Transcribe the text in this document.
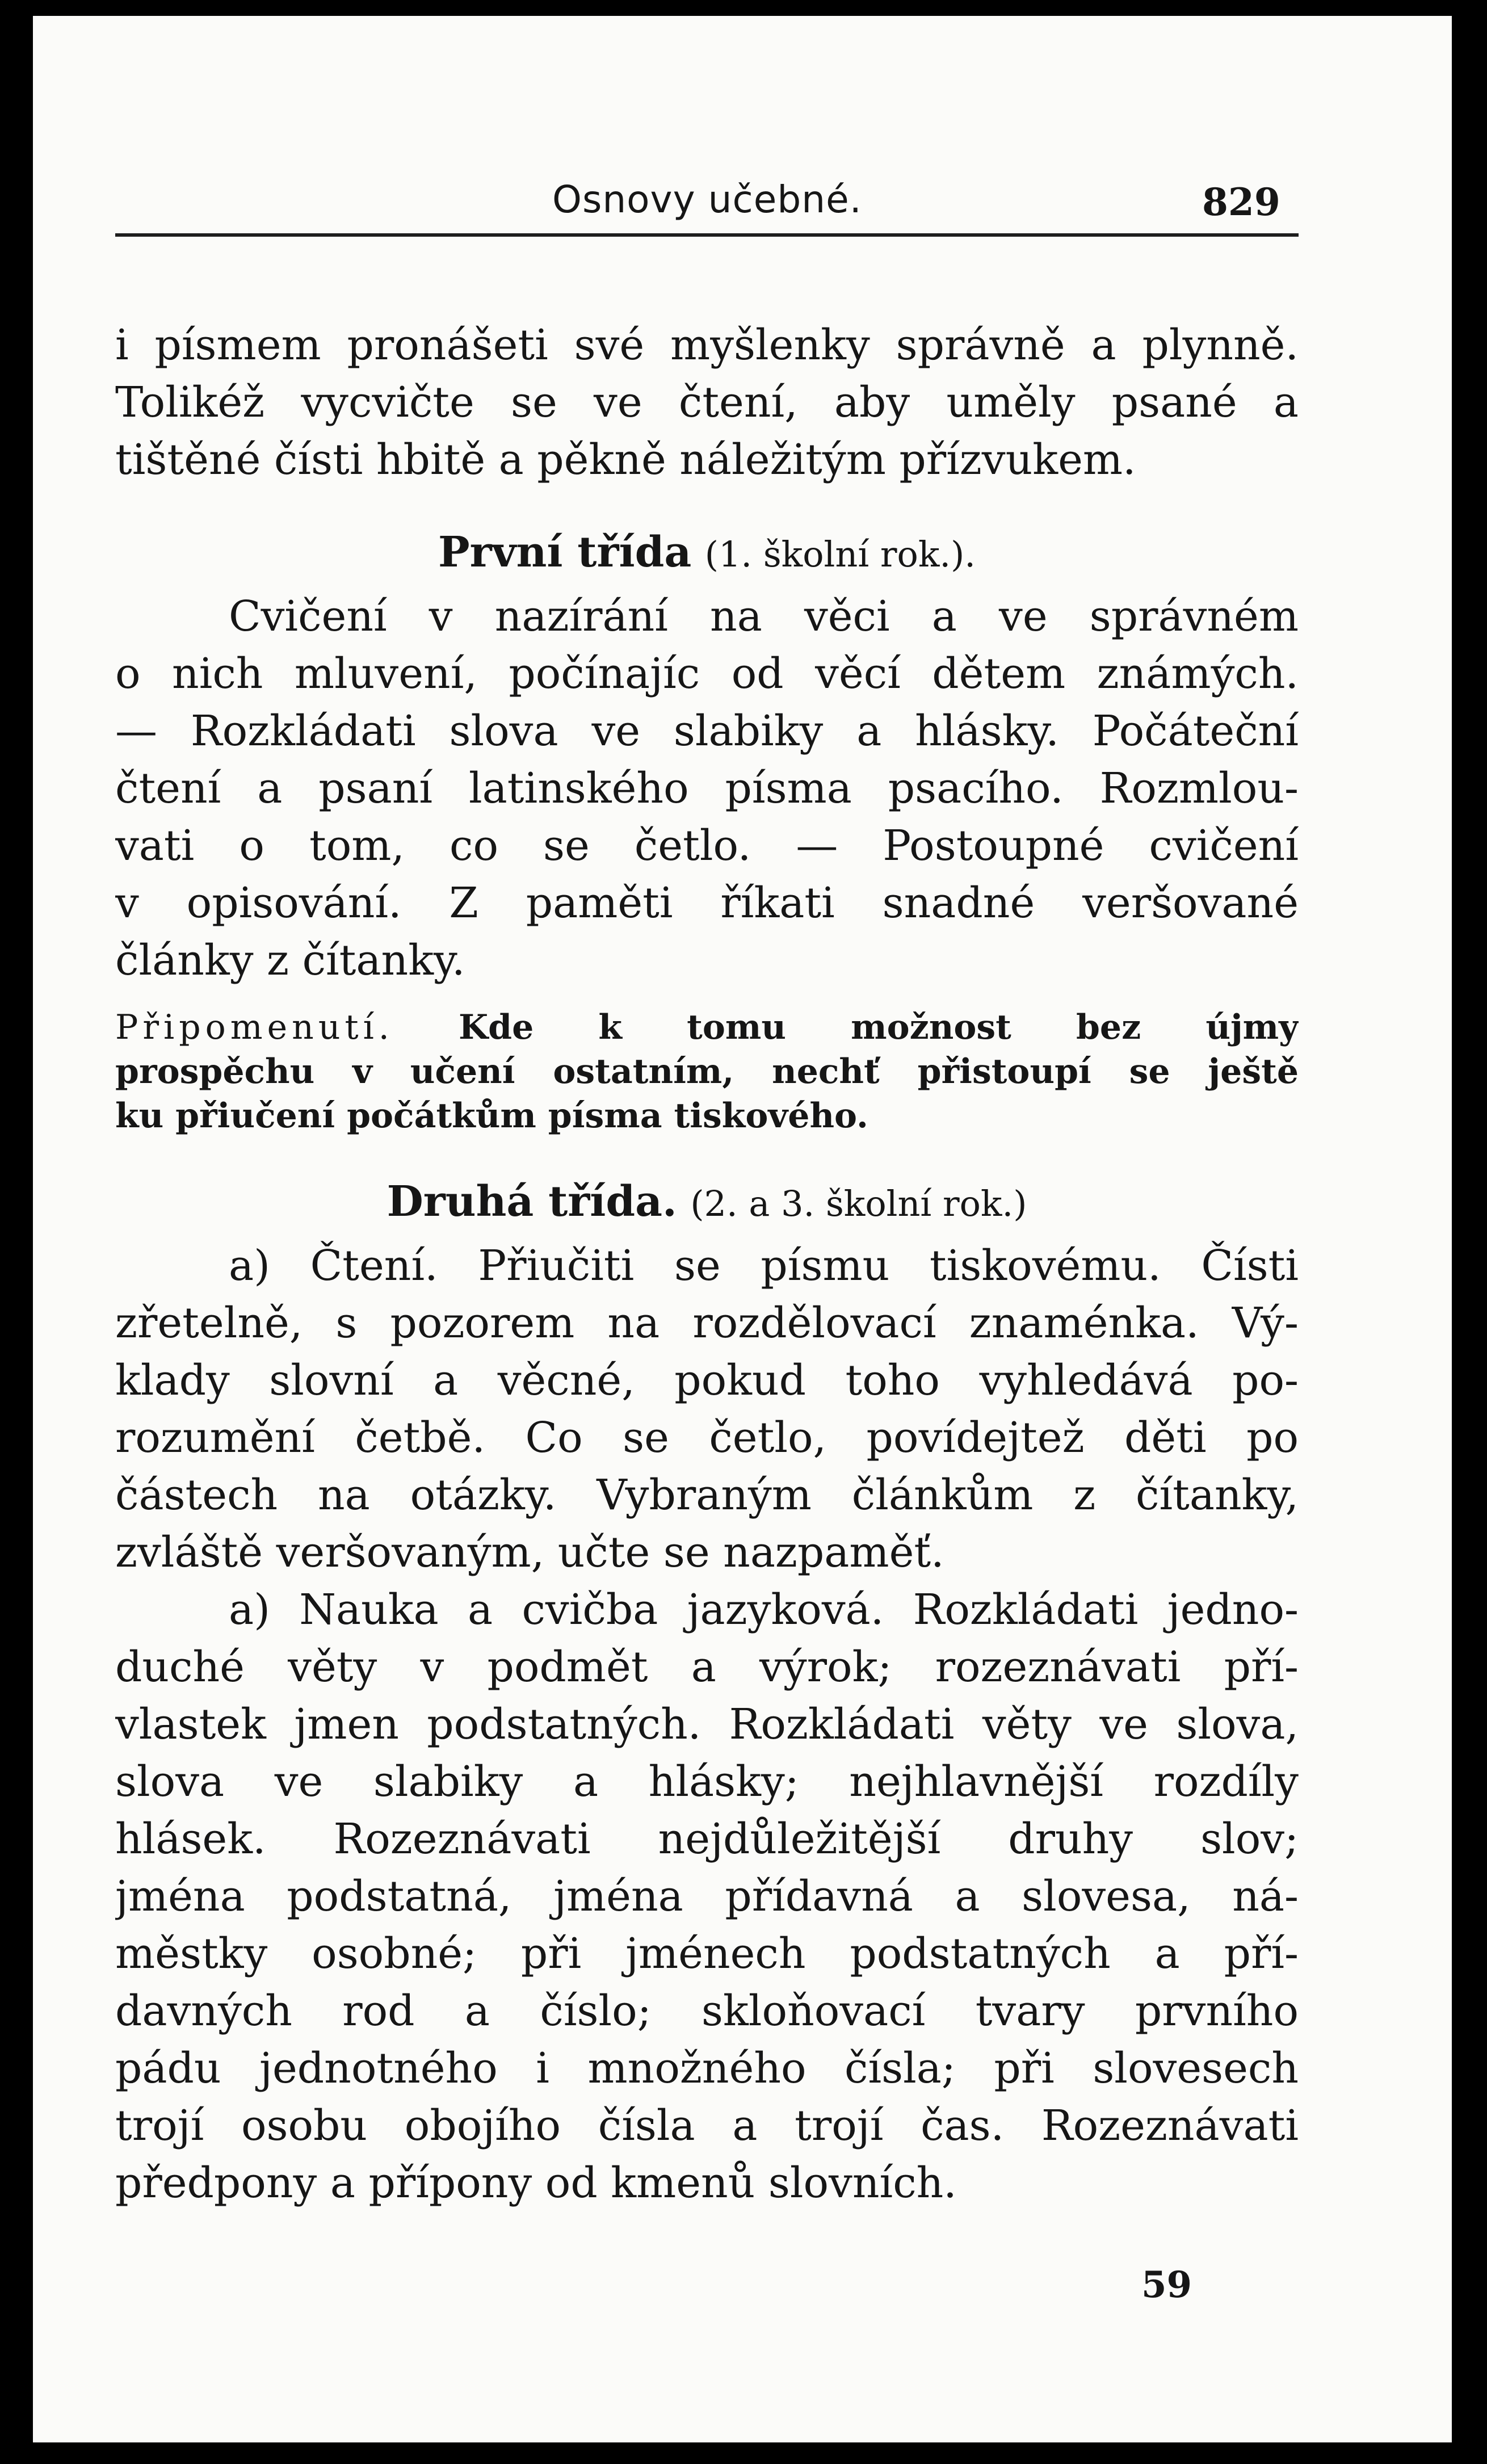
Osnovy učebné.	829
i písmem pronášeti své myšlenky správně a plynně.
Tolikéž vycvičte se ve čtení, aby uměly psané a
tištěné čísti hbitě a pěkně náležitým přízvukem.
První třída (1. školní rok.).
Cvičení v nazírání na věci a ve správném
o nich mluvení, počínajíc od věcí dětem známých.
— Rozkládati slova ve slabiky a hlásky. Počáteční
čtení a psaní latinského písma psacího. Rozmlou-
vati o tom, co se četlo. — Postoupné cvičení
v opisování. Z paměti říkati snadné veršované
články z čítanky.
Připomenutí. Kde k tomu možnost bez újmy
prospěchu v učení ostatním, nechť přistoupí se ještě
ku přiučení počátkům písma tiskového.
Druhá třída. (2. a 3. školní rok.)
a) Čtení. Přiučiti se písmu tiskovému. Čísti
zřetelně, s pozorem na rozdělovací znaménka. Vý-
klady slovní a věcné, pokud toho vyhledává po-
rozumění četbě. Co se četlo, povídejtež děti po
částech na otázky. Vybraným článkům z čítanky,
zvláště veršovaným, učte se nazpaměť.
a) Nauka a cvičba jazyková. Rozkládati jedno-
duché věty v podmět a výrok; rozeznávati pří-
vlastek jmen podstatných. Rozkládati věty ve slova,
slova ve slabiky a hlásky; nejhlavnější rozdíly
hlásek. Rozeznávati nejdůležitější druhy slov;
jména podstatná, jména přídavná a slovesa, ná-
městky osobné; při jménech podstatných a pří-
davných rod a číslo; skloňovací tvary prvního
pádu jednotného i množného čísla; při slovesech
trojí osobu obojího čísla a trojí čas. Rozeznávati
předpony a přípony od kmenů slovních.
59
